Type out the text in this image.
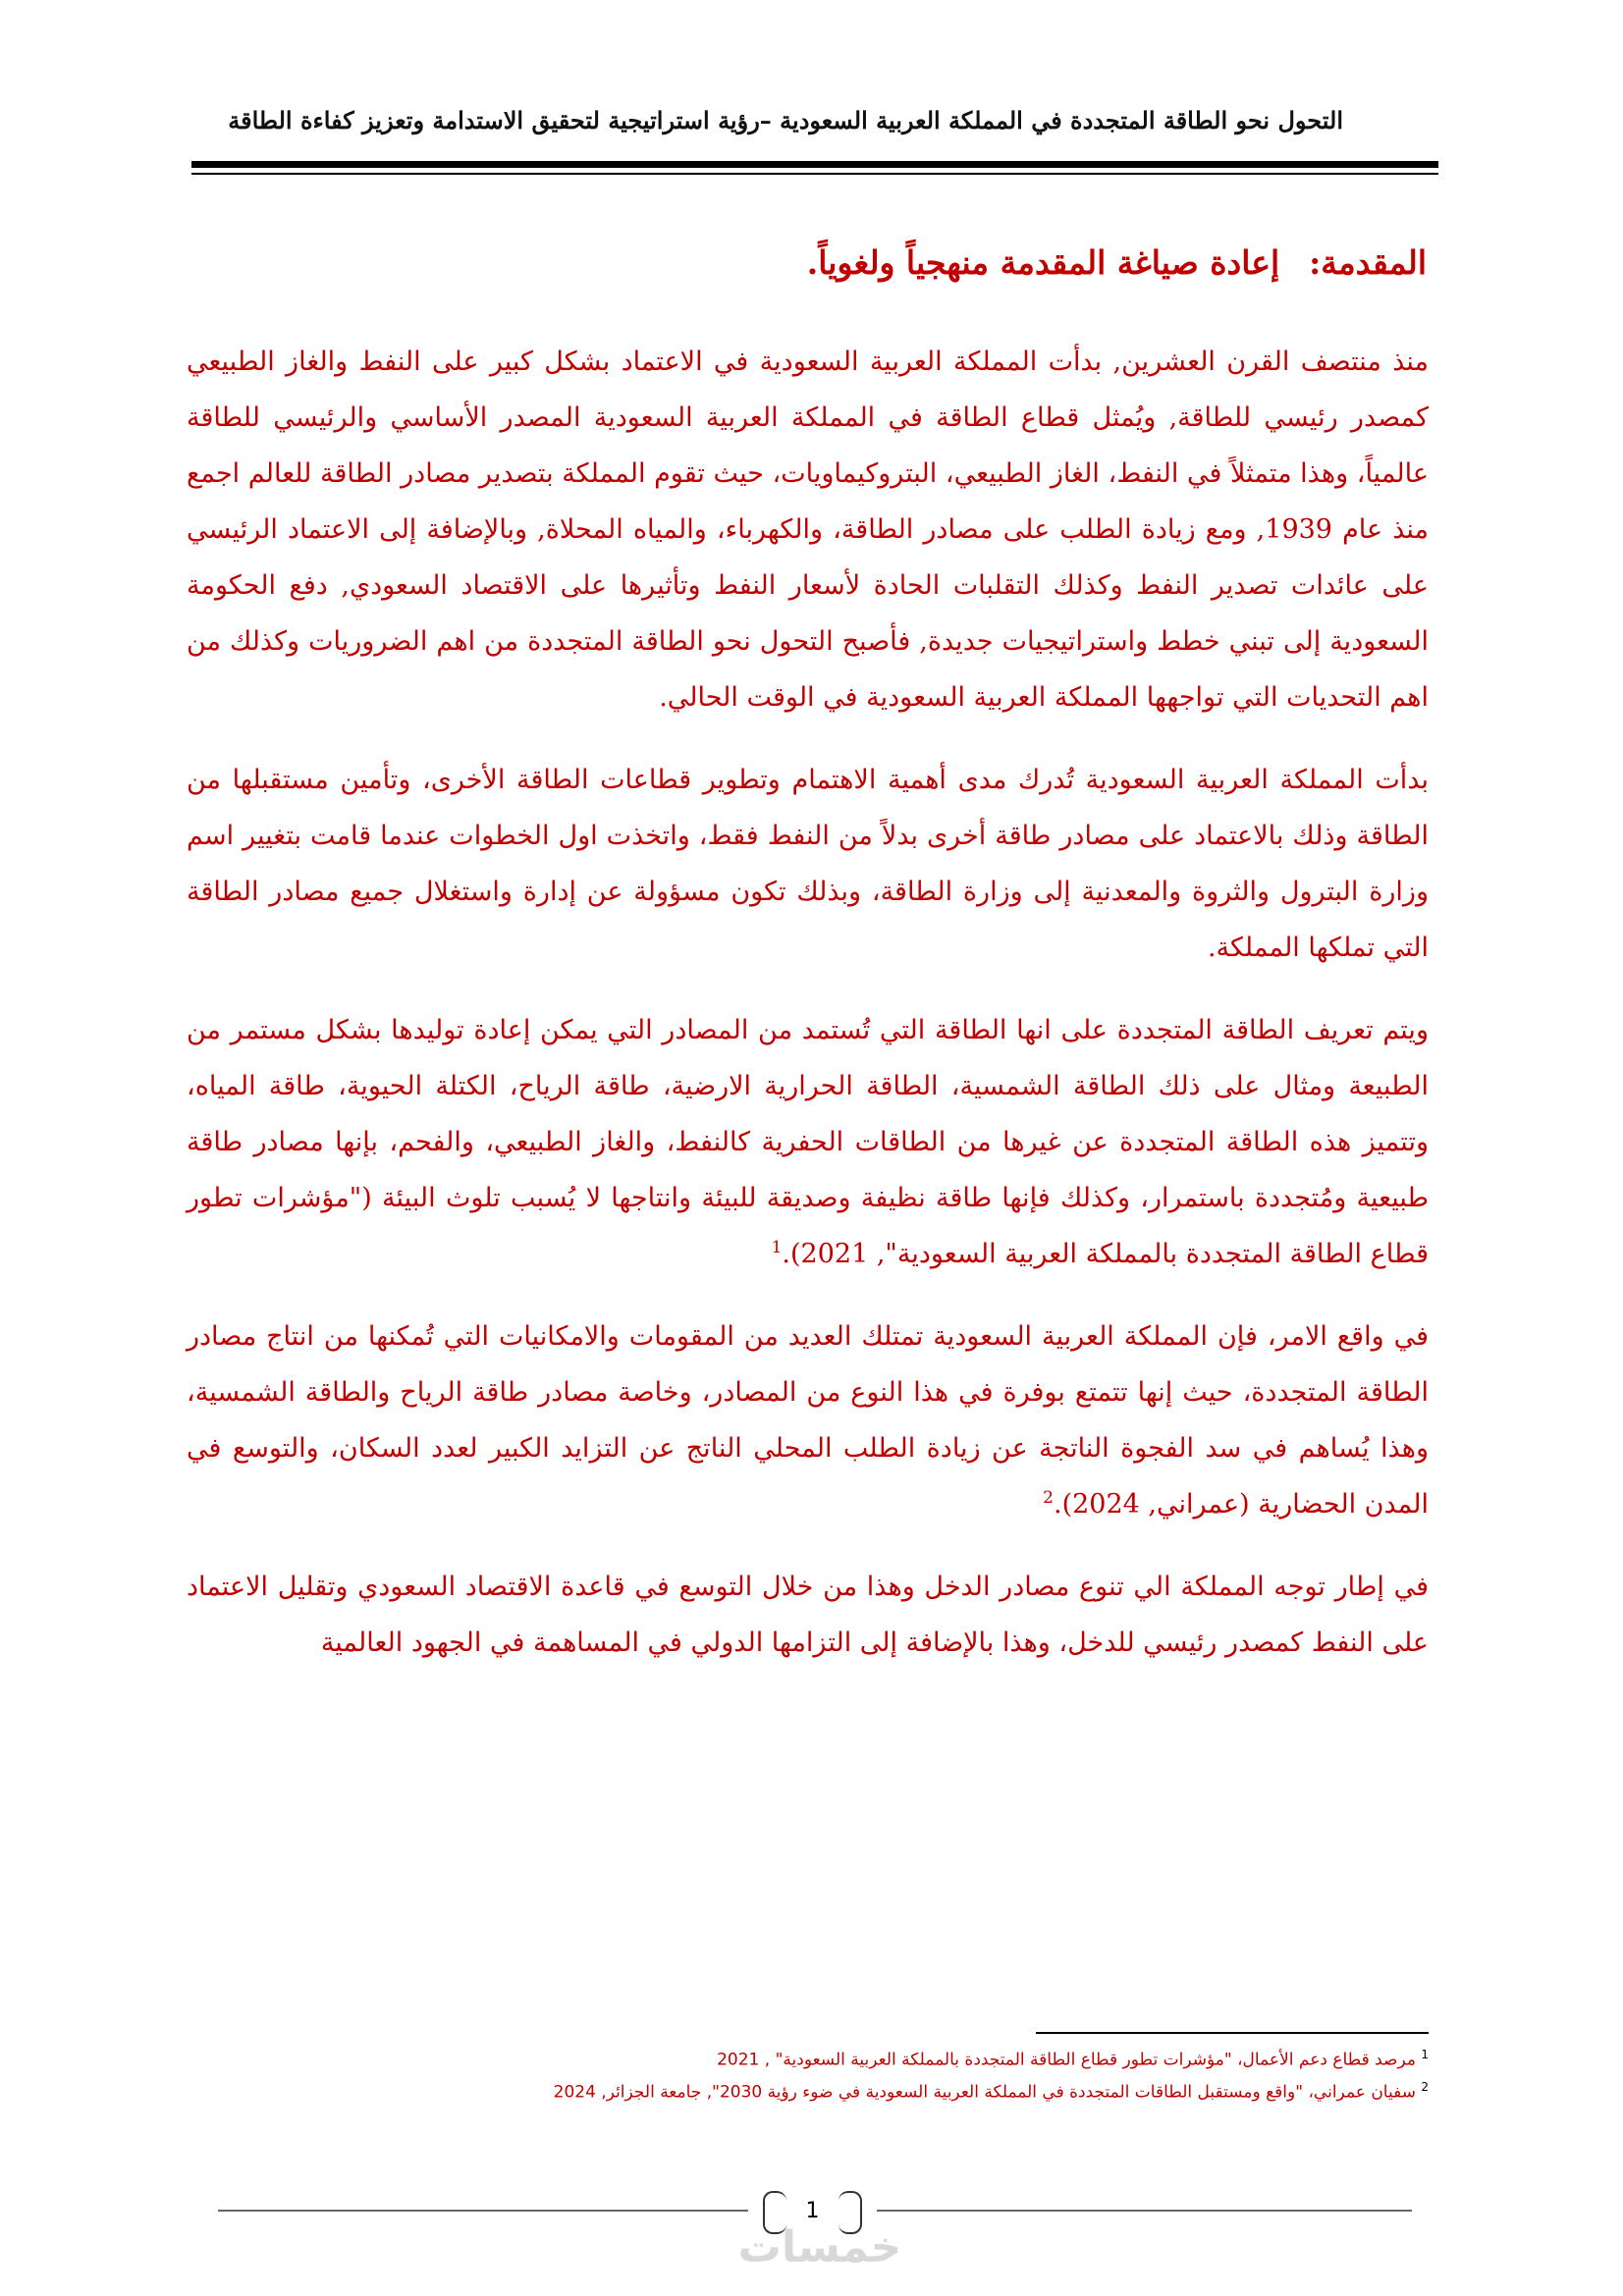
التحول نحو الطاقة المتجددة في المملكة العربية السعودية –رؤية استراتيجية لتحقيق الاستدامة وتعزيز كفاءة الطاقة
المقدمة:إعادة صياغة المقدمة منهجياً ولغوياً.

منذ منتصف القرن العشرين, بدأت المملكة العربية السعودية في الاعتماد بشكل كبير على النفط والغاز الطبيعي كمصدر رئيسي للطاقة, ويُمثل قطاع الطاقة في المملكة العربية السعودية المصدر الأساسي والرئيسي للطاقة عالمياً، وهذا متمثلاً في النفط، الغاز الطبيعي، البتروكيماويات، حيث تقوم المملكة بتصدير مصادر الطاقة للعالم اجمع منذ عام 1939, ومع زيادة الطلب على مصادر الطاقة، والكهرباء، والمياه المحلاة, وبالإضافة إلى الاعتماد الرئيسي على عائدات تصدير النفط وكذلك التقلبات الحادة لأسعار النفط وتأثيرها على الاقتصاد السعودي, دفع الحكومة السعودية إلى تبني خطط واستراتيجيات جديدة, فأصبح التحول نحو الطاقة المتجددة من اهم الضروريات وكذلك من اهم التحديات التي تواجهها المملكة العربية السعودية في الوقت الحالي.

بدأت المملكة العربية السعودية تُدرك مدى أهمية الاهتمام وتطوير قطاعات الطاقة الأخرى، وتأمين مستقبلها من الطاقة وذلك بالاعتماد على مصادر طاقة أخرى بدلاً من النفط فقط، واتخذت اول الخطوات عندما قامت بتغيير اسم وزارة البترول والثروة والمعدنية إلى وزارة الطاقة، وبذلك تكون مسؤولة عن إدارة واستغلال جميع مصادر الطاقة التي تملكها المملكة.

ويتم تعريف الطاقة المتجددة على انها الطاقة التي تُستمد من المصادر التي يمكن إعادة توليدها بشكل مستمر من الطبيعة ومثال على ذلك الطاقة الشمسية، الطاقة الحرارية الارضية، طاقة الرياح، الكتلة الحيوية، طاقة المياه، وتتميز هذه الطاقة المتجددة عن غيرها من الطاقات الحفرية كالنفط، والغاز الطبيعي، والفحم، بإنها مصادر طاقة طبيعية ومُتجددة باستمرار، وكذلك فإنها طاقة نظيفة وصديقة للبيئة وانتاجها لا يُسبب تلوث البيئة ("مؤشرات تطور قطاع الطاقة المتجددة بالمملكة العربية السعودية", 2021).$^1$

في واقع الامر، فإن المملكة العربية السعودية تمتلك العديد من المقومات والامكانيات التي تُمكنها من انتاج مصادر الطاقة المتجددة، حيث إنها تتمتع بوفرة في هذا النوع من المصادر، وخاصة مصادر طاقة الرياح والطاقة الشمسية، وهذا يُساهم في سد الفجوة الناتجة عن زيادة الطلب المحلي الناتج عن التزايد الكبير لعدد السكان، والتوسع في المدن الحضارية (عمراني, 2024).$^2$

في إطار توجه المملكة الي تنوع مصادر الدخل وهذا من خلال التوسع في قاعدة الاقتصاد السعودي وتقليل الاعتماد على النفط كمصدر رئيسي للدخل، وهذا بالإضافة إلى التزامها الدولي في المساهمة في الجهود العالمية

$^1$ مرصد قطاع دعم الأعمال، "مؤشرات تطور قطاع الطاقة المتجددة بالمملكة العربية السعودية" , 2021
$^2$ سفيان عمراني، "واقع ومستقبل الطاقات المتجددة في المملكة العربية السعودية في ضوء رؤية 2030", جامعة الجزائر, 2024
1
خمسات
